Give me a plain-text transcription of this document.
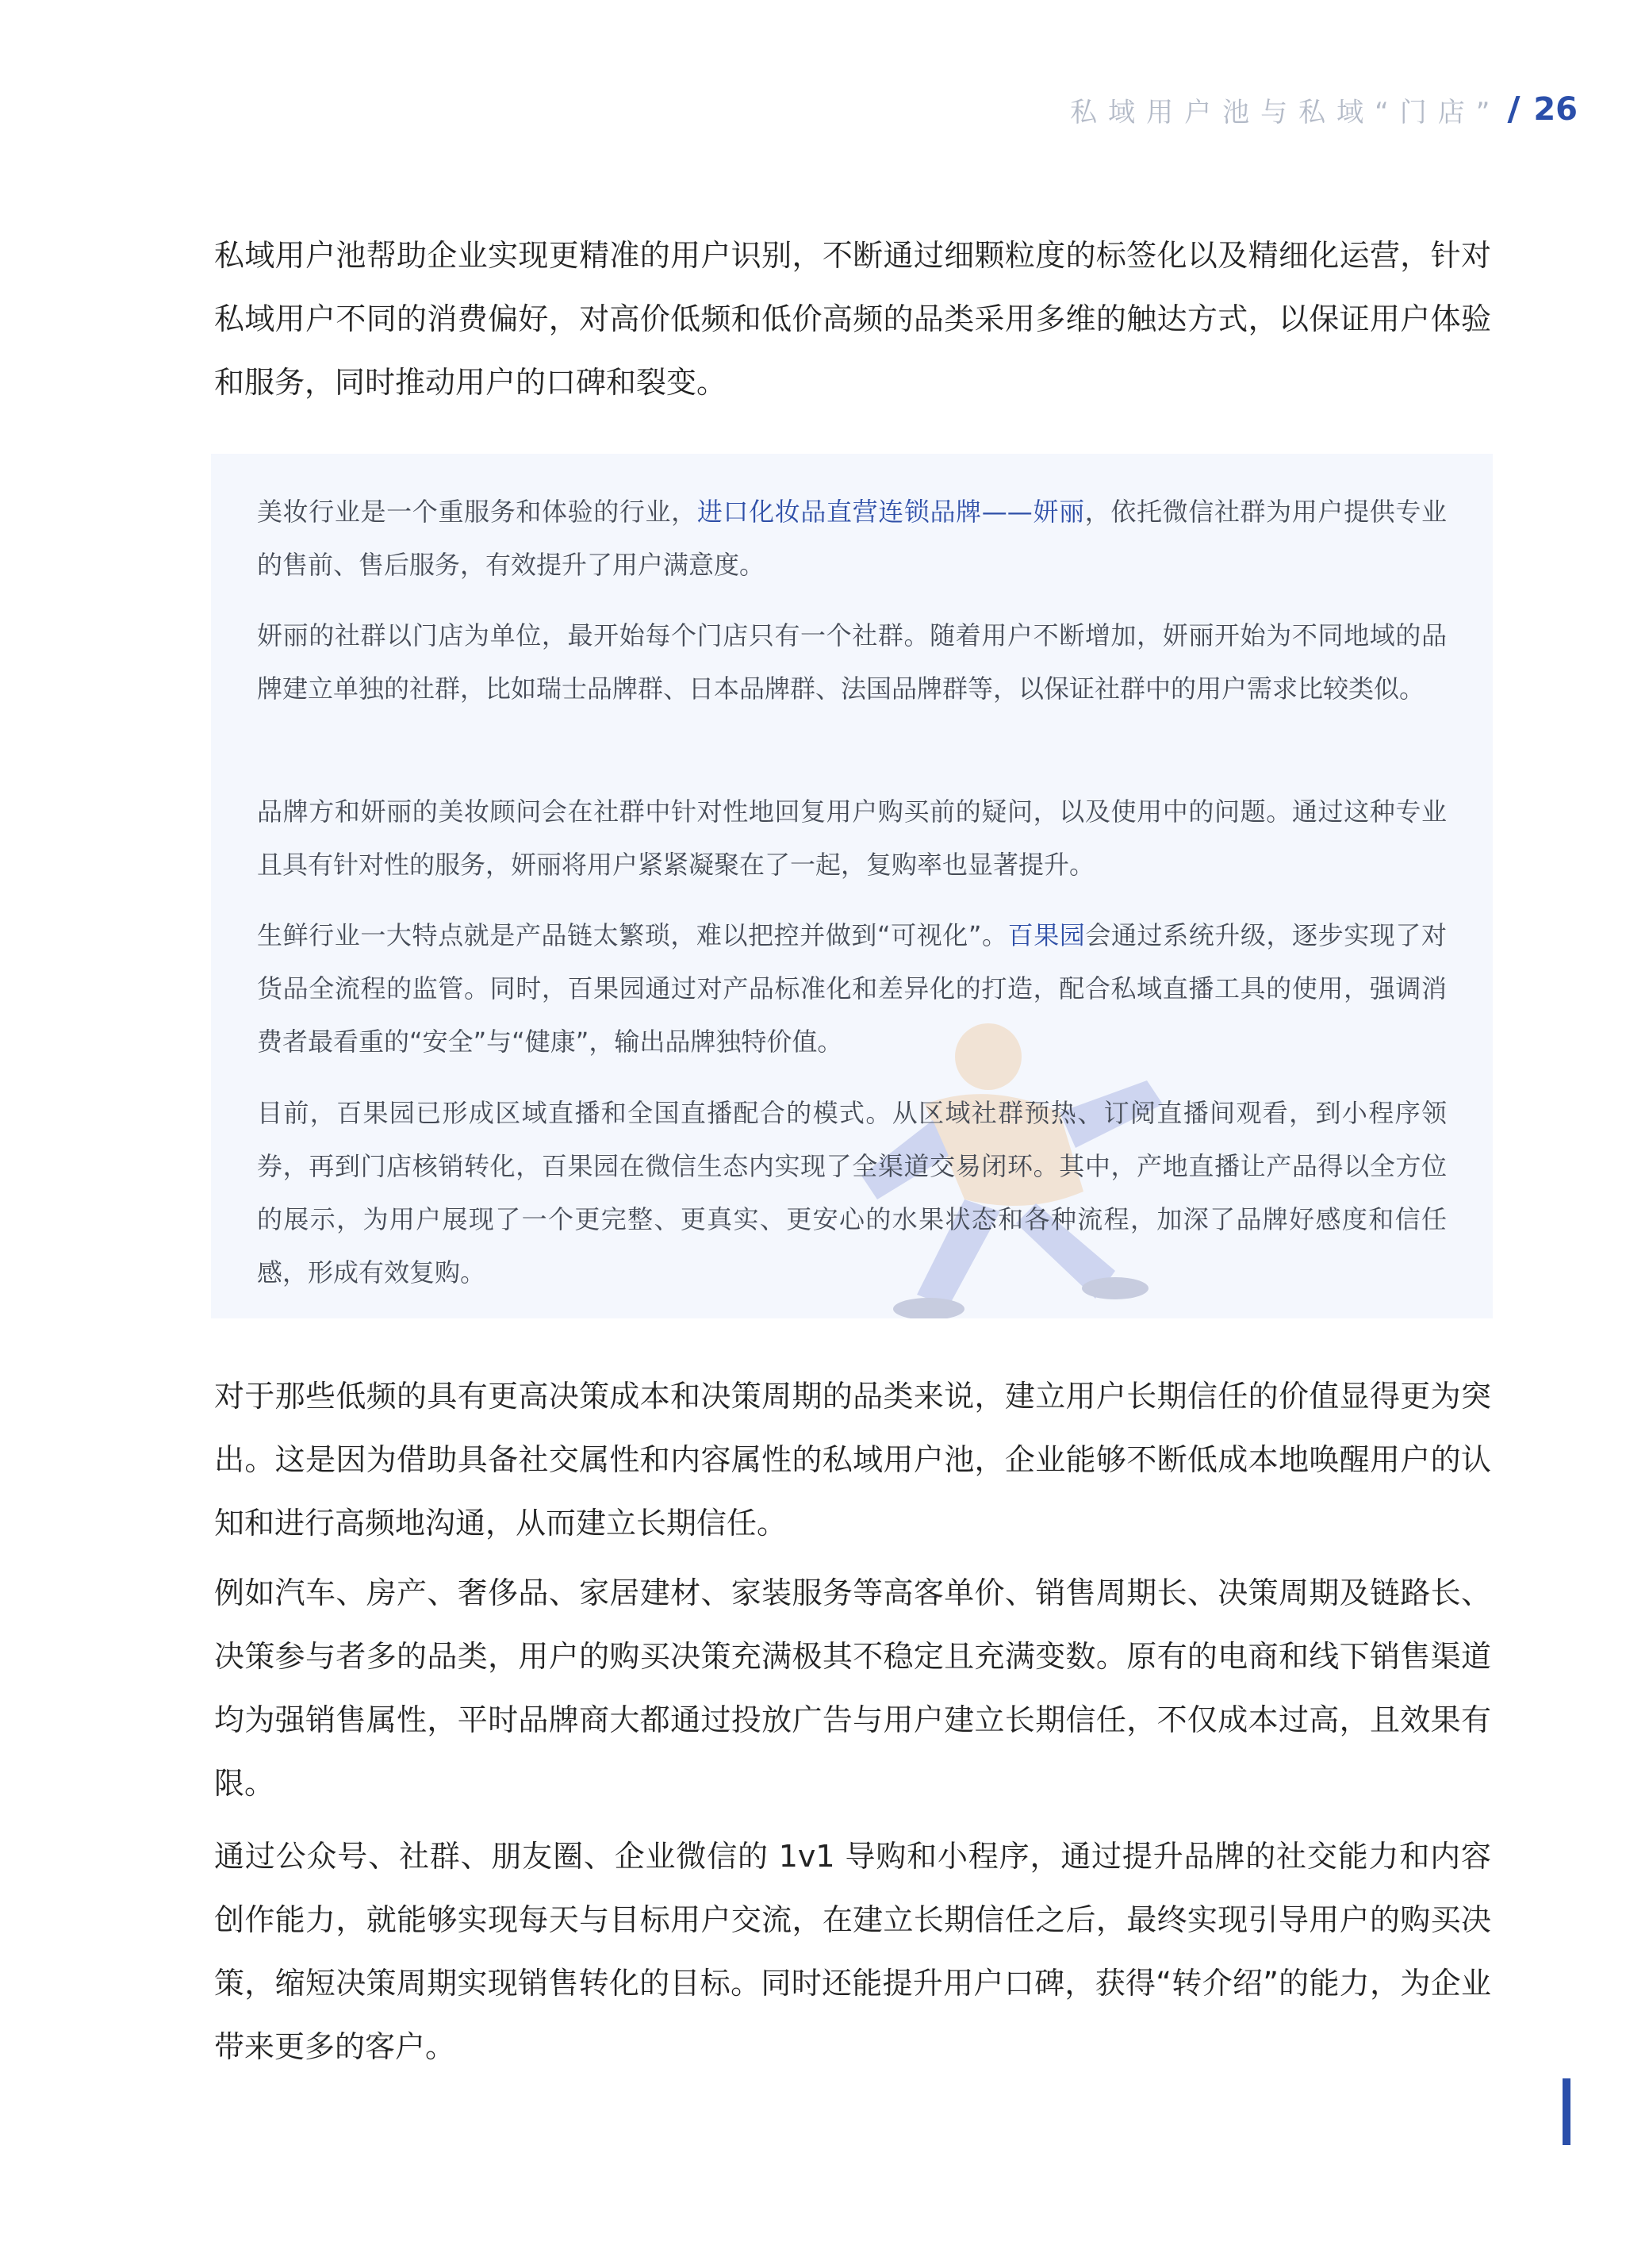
私域用户池与私域“门店” 26

私域用户池帮助企业实现更精准的用户识别，不断通过细颗粒度的标签化以及精细化运营，针对私域用户不同的消费偏好，对高价低频和低价高频的品类采用多维的触达方式，以保证用户体验和服务，同时推动用户的口碑和裂变。

美妆行业是一个重服务和体验的行业，进口化妆品直营连锁品牌——妍丽，依托微信社群为用户提供专业的售前、售后服务，有效提升了用户满意度。

妍丽的社群以门店为单位，最开始每个门店只有一个社群。随着用户不断增加，妍丽开始为不同地域的品牌建立单独的社群，比如瑞士品牌群、日本品牌群、法国品牌群等，以保证社群中的用户需求比较类似。

品牌方和妍丽的美妆顾问会在社群中针对性地回复用户购买前的疑问，以及使用中的问题。通过这种专业且具有针对性的服务，妍丽将用户紧紧凝聚在了一起，复购率也显著提升。

生鲜行业一大特点就是产品链太繁琐，难以把控并做到“可视化”。百果园会通过系统升级，逐步实现了对货品全流程的监管。同时，百果园通过对产品标准化和差异化的打造，配合私域直播工具的使用，强调消费者最看重的“安全”与“健康”，输出品牌独特价值。

目前，百果园已形成区域直播和全国直播配合的模式。从区域社群预热、订阅直播间观看，到小程序领券，再到门店核销转化，百果园在微信生态内实现了全渠道交易闭环。其中，产地直播让产品得以全方位的展示，为用户展现了一个更完整、更真实、更安心的水果状态和各种流程，加深了品牌好感度和信任感，形成有效复购。

对于那些低频的具有更高决策成本和决策周期的品类来说，建立用户长期信任的价值显得更为突出。这是因为借助具备社交属性和内容属性的私域用户池，企业能够不断低成本地唤醒用户的认知和进行高频地沟通，从而建立长期信任。

例如汽车、房产、奢侈品、家居建材、家装服务等高客单价、销售周期长、决策周期及链路长、决策参与者多的品类，用户的购买决策充满极其不稳定且充满变数。原有的电商和线下销售渠道均为强销售属性，平时品牌商大都通过投放广告与用户建立长期信任，不仅成本过高，且效果有限。

通过公众号、社群、朋友圈、企业微信的 1v1 导购和小程序，通过提升品牌的社交能力和内容创作能力，就能够实现每天与目标用户交流，在建立长期信任之后，最终实现引导用户的购买决策，缩短决策周期实现销售转化的目标。同时还能提升用户口碑，获得“转介绍”的能力，为企业带来更多的客户。
